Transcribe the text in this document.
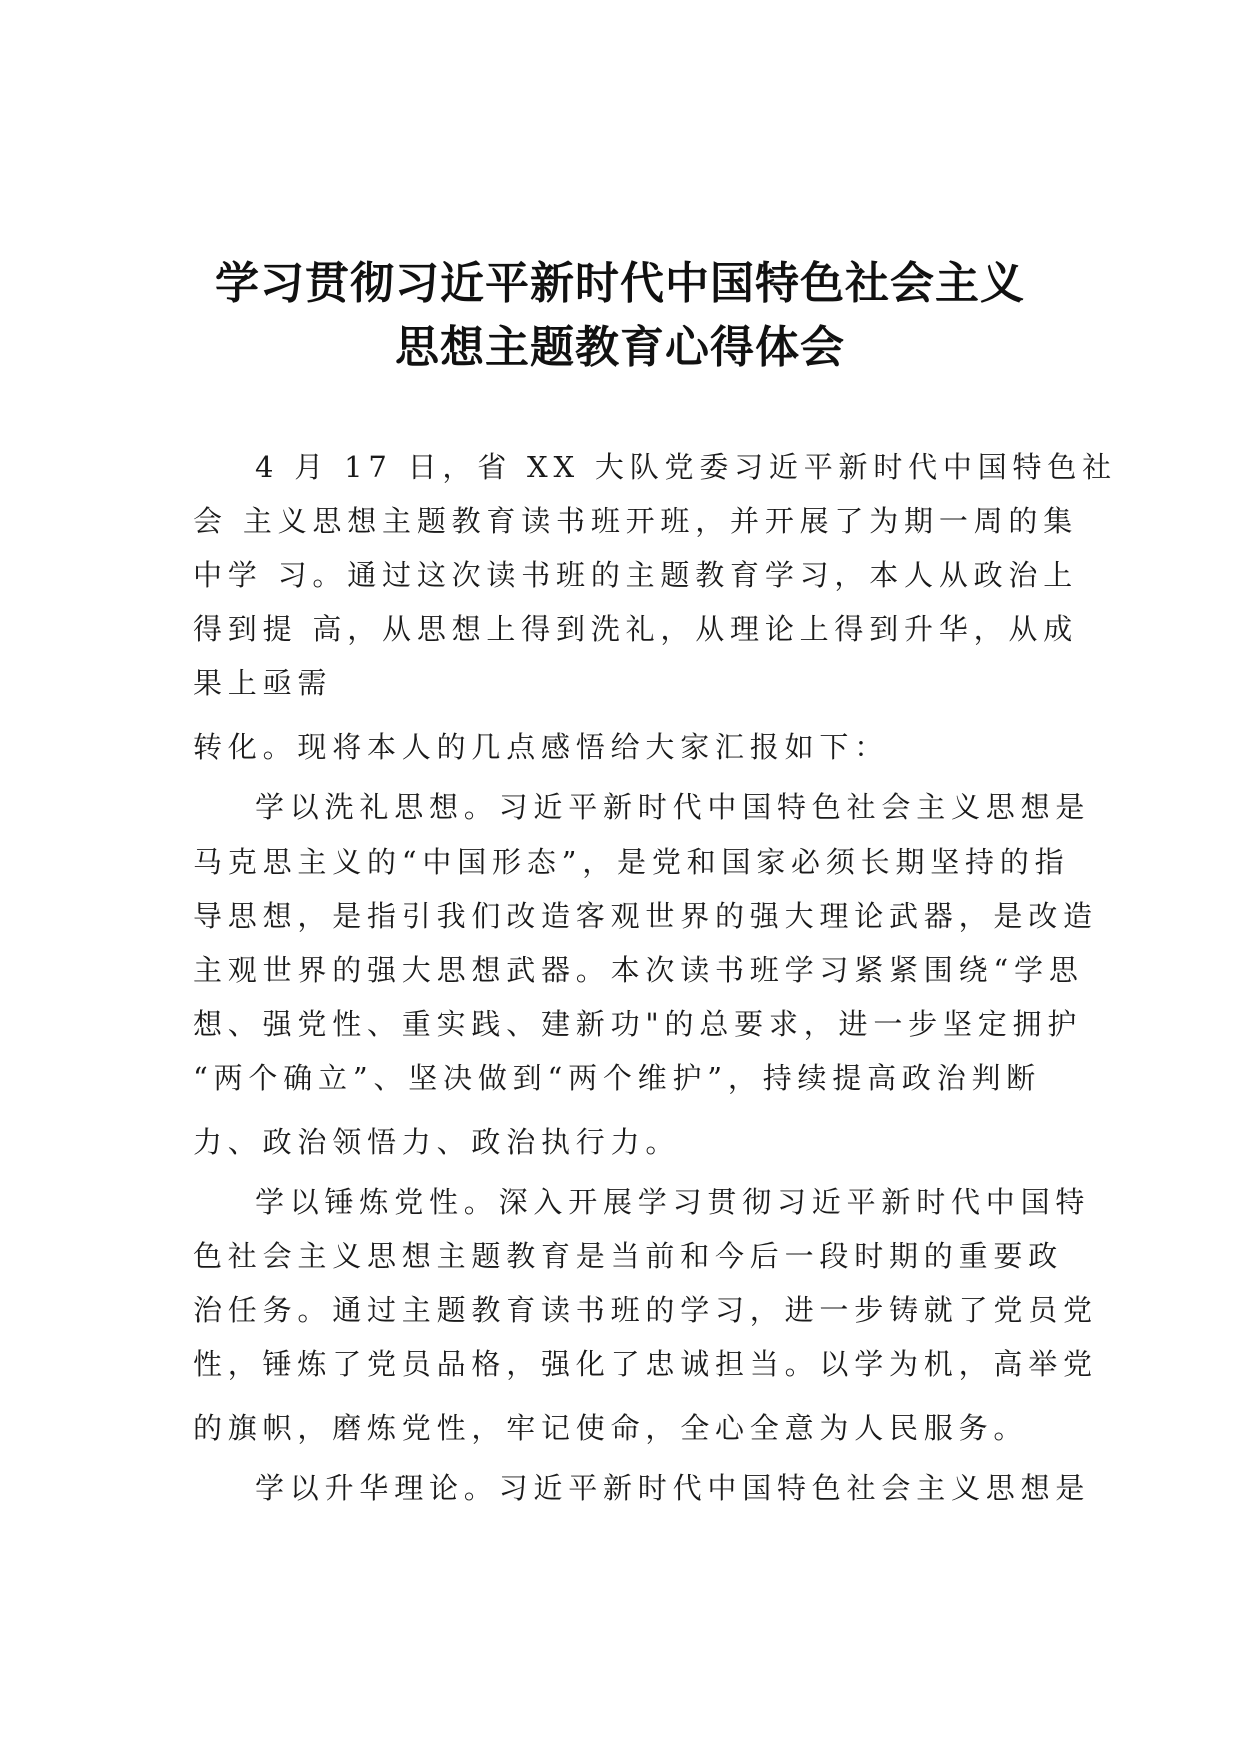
学习贯彻习近平新时代中国特色社会主义
思想主题教育心得体会
4 月 17 日，省 XX 大队党委习近平新时代中国特色社
会 主义思想主题教育读书班开班，并开展了为期一周的集
中学 习。通过这次读书班的主题教育学习，本人从政治上
得到提 高，从思想上得到洗礼，从理论上得到升华，从成
果上亟需
转化。现将本人的几点感悟给大家汇报如下：
学以洗礼思想。习近平新时代中国特色社会主义思想是
马克思主义的“中国形态”，是党和国家必须长期坚持的指
导思想，是指引我们改造客观世界的强大理论武器，是改造
主观世界的强大思想武器。本次读书班学习紧紧围绕“学思
想、强党性、重实践、建新功"的总要求，进一步坚定拥护
“两个确立”、坚决做到“两个维护”，持续提高政治判断
力、政治领悟力、政治执行力。
学以锤炼党性。深入开展学习贯彻习近平新时代中国特
色社会主义思想主题教育是当前和今后一段时期的重要政
治任务。通过主题教育读书班的学习，进一步铸就了党员党
性，锤炼了党员品格，强化了忠诚担当。以学为机，高举党
的旗帜，磨炼党性，牢记使命，全心全意为人民服务。
学以升华理论。习近平新时代中国特色社会主义思想是
